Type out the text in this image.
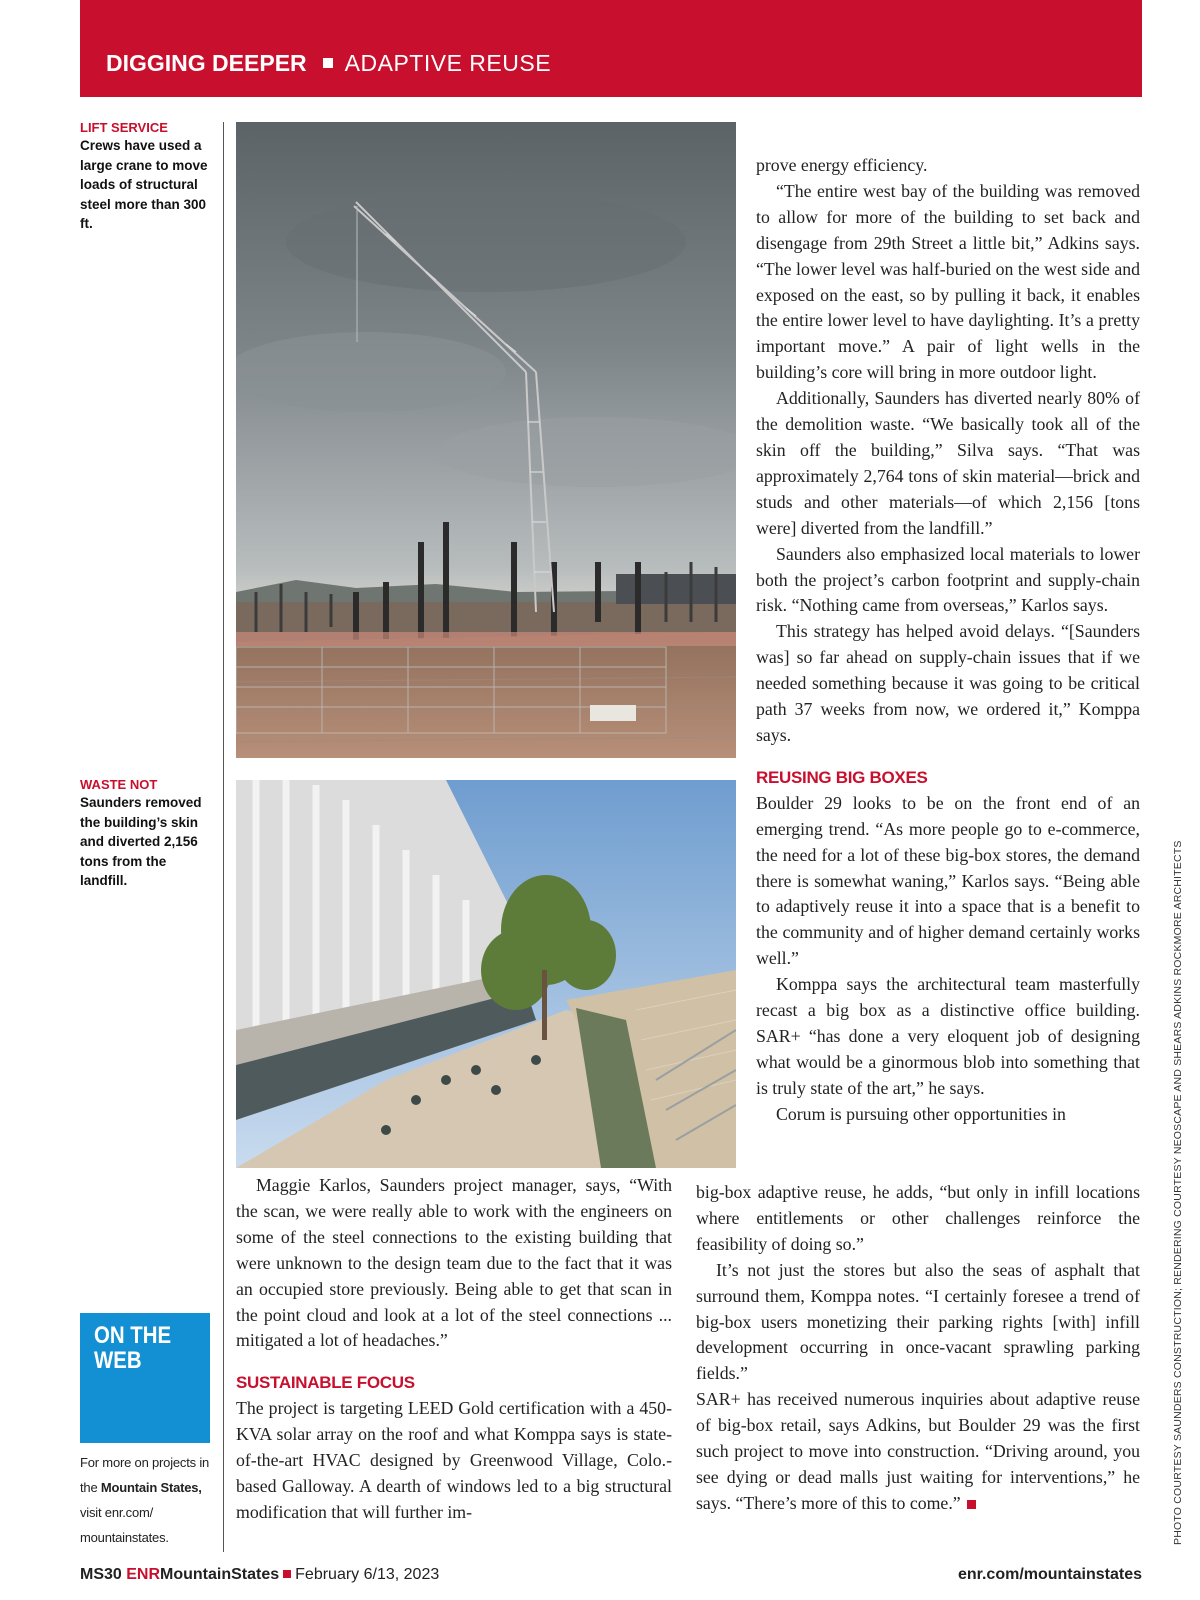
DIGGING DEEPER ADAPTIVE REUSE
LIFT SERVICE
Crews have used a large crane to move loads of structural steel more than 300 ft.
WASTE NOT
Saunders removed the building’s skin and diverted 2,156 tons from the landfill.
ON THE
WEB
For more on projects in the Mountain States, visit enr.com/ mountainstates.

Maggie Karlos, Saunders project manager, says, “With the scan, we were really able to work with the engineers on some of the steel connections to the existing building that were unknown to the design team due to the fact that it was an occupied store previously. Being able to get that scan in the point cloud and look at a lot of the steel connections ... mitigated a lot of headaches.”

SUSTAINABLE FOCUS

The project is targeting LEED Gold certification with a 450-KVA solar array on the roof and what Komppa says is state-of-the-art HVAC designed by Greenwood Village, Colo.-based Galloway. A dearth of windows led to a big structural modification that will further im-

prove energy efficiency.

“The entire west bay of the building was removed to allow for more of the building to set back and disengage from 29th Street a little bit,” Adkins says. “The lower level was half-buried on the west side and exposed on the east, so by pulling it back, it enables the entire lower level to have daylighting. It’s a pretty important move.” A pair of light wells in the building’s core will bring in more outdoor light.

Additionally, Saunders has diverted nearly 80% of the demolition waste. “We basically took all of the skin off the building,” Silva says. “That was approximately 2,764 tons of skin material—brick and studs and other materials—of which 2,156 [tons were] diverted from the landfill.”

Saunders also emphasized local materials to lower both the project’s carbon footprint and supply-chain risk. “Nothing came from overseas,” Karlos says.

This strategy has helped avoid delays. “[Saunders was] so far ahead on supply-chain issues that if we needed something because it was going to be critical path 37 weeks from now, we ordered it,” Komppa says.

REUSING BIG BOXES

Boulder 29 looks to be on the front end of an emerging trend. “As more people go to e-commerce, the need for a lot of these big-box stores, the demand there is somewhat waning,” Karlos says. “Being able to adaptively reuse it into a space that is a benefit to the community and of higher demand certainly works well.”

Komppa says the architectural team masterfully recast a big box as a distinctive office building. SAR+ “has done a very eloquent job of designing what would be a ginormous blob into something that is truly state of the art,” he says.

Corum is pursuing other opportunities in

big-box adaptive reuse, he adds, “but only in infill locations where entitlements or other challenges reinforce the feasibility of doing so.”

It’s not just the stores but also the seas of asphalt that surround them, Komppa notes. “I certainly foresee a trend of big-box users monetizing their parking rights [with] infill development occurring in once-vacant sprawling parking fields.”

SAR+ has received numerous inquiries about adaptive reuse of big-box retail, says Adkins, but Boulder 29 was the first such project to move into construction. “Driving around, you see dying or dead malls just waiting for interventions,” he says. “There’s more of this to come.”	PHOTO COURTESY SAUNDERS CONSTRUCTION; RENDERING COURTESY NEOSCAPE AND SHEARS ADKINS ROCKMORE ARCHITECTS
MS30 ENRMountainStates February 6/13, 2023	enr.com/mountainstates
